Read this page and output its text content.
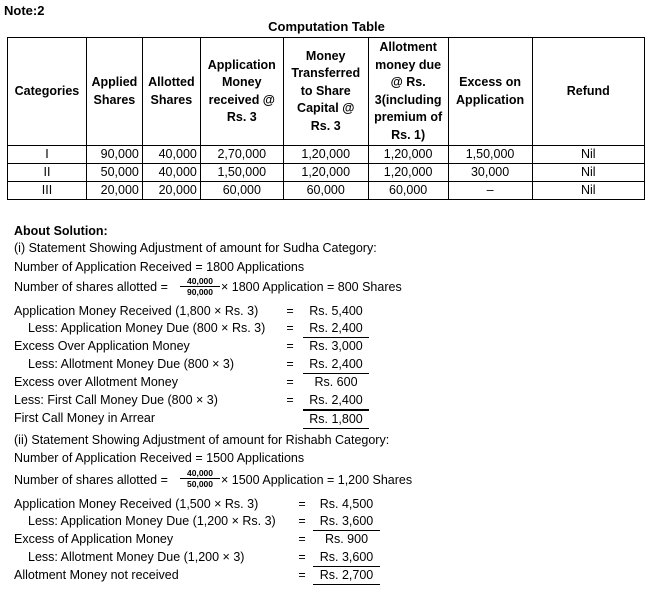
Note:2
Computation Table
Categories	Applied Shares	Allotted Shares	Application Money received @ Rs. 3	Money Transferred to Share Capital @ Rs. 3	Allotment money due @ Rs. 3(including premium of Rs. 1)	Excess on Application	Refund
I	90,000	40,000	2,70,000	1,20,000	1,20,000	1,50,000	Nil
II	50,000	40,000	1,50,000	1,20,000	1,20,000	30,000	Nil
III	20,000	20,000	60,000	60,000	60,000	–	Nil
About Solution:
(i) Statement Showing Adjustment of amount for Sudha Category:
Number of Application Received = 1800 Applications
Number of shares allotted = $\frac{40,000}{90,000} \times 1800$ Application = 800 Shares
Application Money Received (1,800 × Rs. 3) =	Rs. 5,400
Less: Application Money Due (800 × Rs. 3) =	Rs. 2,400
Excess Over Application Money	=	Rs. 3,000
Less: Allotment Money Due (800 × 3)	=	Rs. 2,400
Excess over Allotment Money	=	Rs. 600
Less: First Call Money Due (800 × 3)	=	Rs. 2,400
First Call Money in Arrear	Rs. 1,800
(ii) Statement Showing Adjustment of amount for Rishabh Category:
Number of Application Received = 1500 Applications
Number of shares allotted = $\frac{40,000}{50,000} \times 1500$ Application = 1,200 Shares
Application Money Received (1,500 × Rs. 3)	=	Rs. 4,500
Less: Application Money Due (1,200 × Rs. 3) =	Rs. 3,600
Excess of Application Money	=	Rs. 900
Less: Allotment Money Due (1,200 × 3)	=	Rs. 3,600
Allotment Money not received	=	Rs. 2,700
